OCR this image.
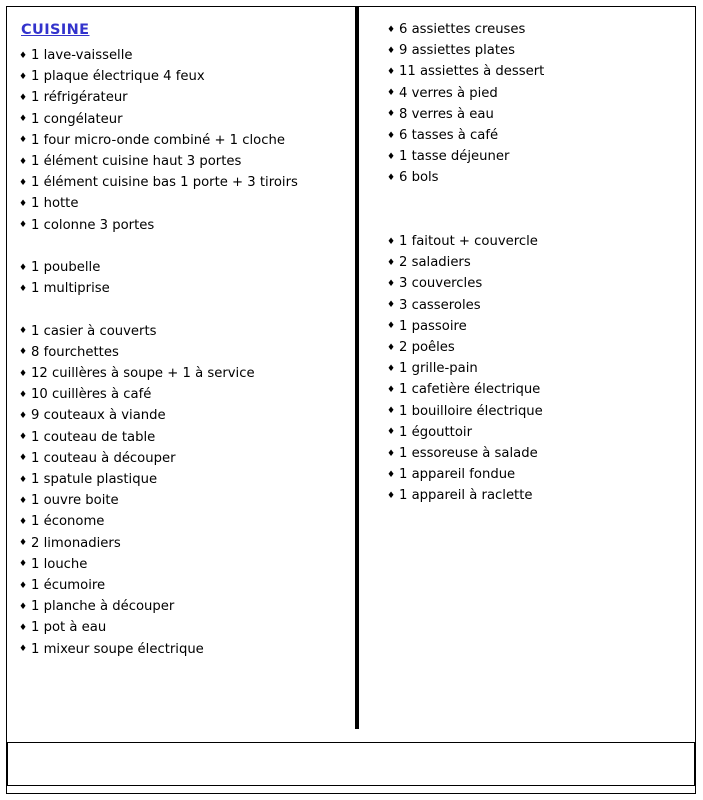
CUISINE
♦ 1 lave-vaisselle
♦ 1 plaque électrique 4 feux
♦ 1 réfrigérateur
♦ 1 congélateur
♦ 1 four micro-onde combiné + 1 cloche
♦ 1 élément cuisine haut 3 portes
♦ 1 élément cuisine bas 1 porte + 3 tiroirs
♦ 1 hotte
♦ 1 colonne 3 portes
♦ 1 poubelle
♦ 1 multiprise
♦ 1 casier à couverts
♦ 8 fourchettes
♦ 12 cuillères à soupe + 1 à service
♦ 10 cuillères à café
♦ 9 couteaux à viande
♦ 1 couteau de table
♦ 1 couteau à découper
♦ 1 spatule plastique
♦ 1 ouvre boite
♦ 1 économe
♦ 2 limonadiers
♦ 1 louche
♦ 1 écumoire
♦ 1 planche à découper
♦ 1 pot à eau
♦ 1 mixeur soupe électrique
♦ 6 assiettes creuses
♦ 9 assiettes plates
♦ 11 assiettes à dessert
♦ 4 verres à pied
♦ 8 verres à eau
♦ 6 tasses à café
♦ 1 tasse déjeuner
♦ 6 bols
♦ 1 faitout + couvercle
♦ 2 saladiers
♦ 3 couvercles
♦ 3 casseroles
♦ 1 passoire
♦ 2 poêles
♦ 1 grille-pain
♦ 1 cafetière électrique
♦ 1 bouilloire électrique
♦ 1 égouttoir
♦ 1 essoreuse à salade
♦ 1 appareil fondue
♦ 1 appareil à raclette
